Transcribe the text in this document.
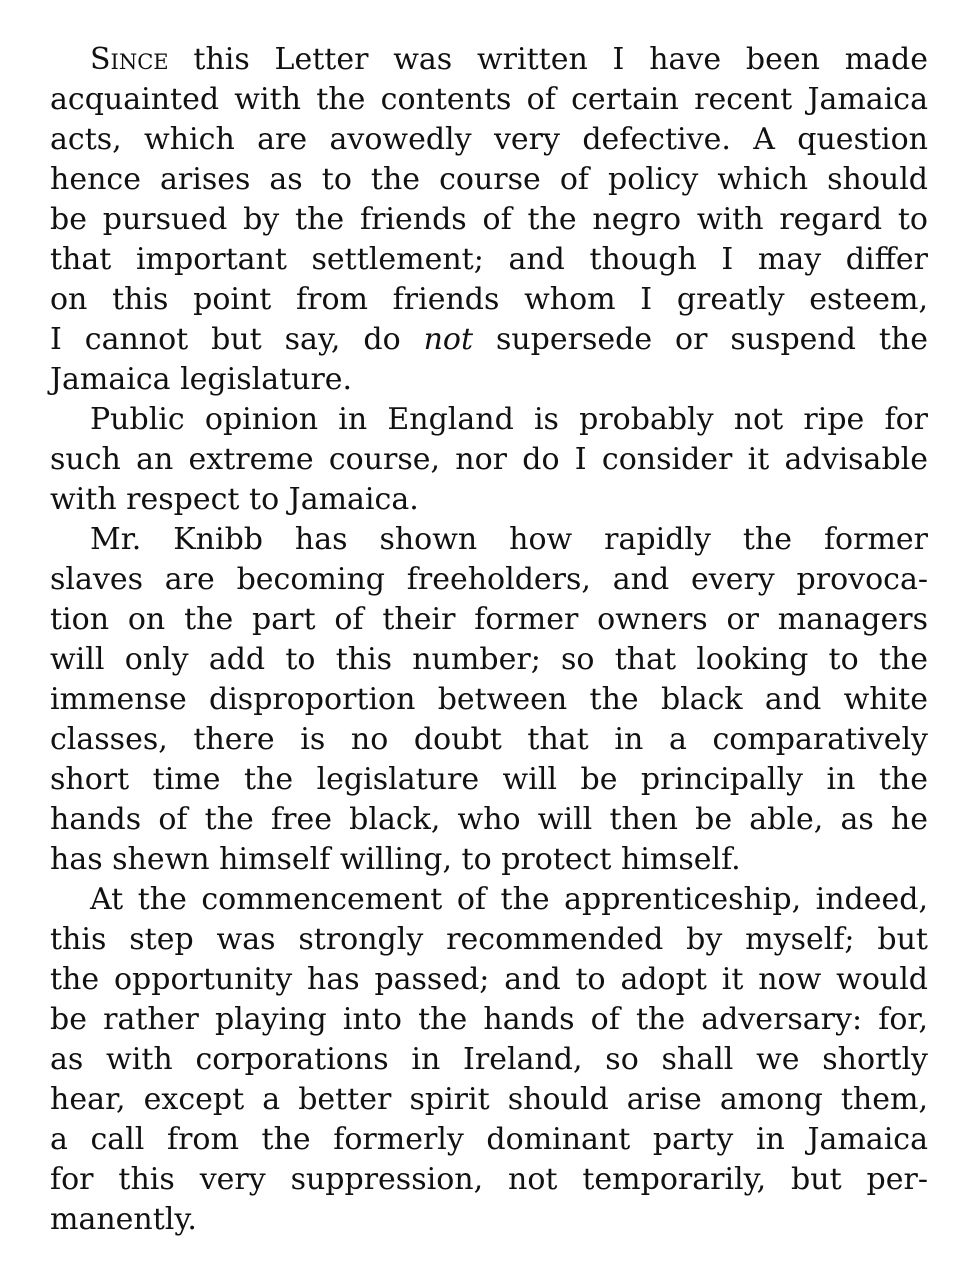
Since this Letter was written I have been made
acquainted with the contents of certain recent Jamaica
acts, which are avowedly very defective. A question
hence arises as to the course of policy which should
be pursued by the friends of the negro with regard to
that important settlement; and though I may differ
on this point from friends whom I greatly esteem,
I cannot but say, do not supersede or suspend the
Jamaica legislature.
Public opinion in England is probably not ripe for
such an extreme course, nor do I consider it advisable
with respect to Jamaica.
Mr. Knibb has shown how rapidly the former
slaves are becoming freeholders, and every provoca-
tion on the part of their former owners or managers
will only add to this number; so that looking to the
immense disproportion between the black and white
classes, there is no doubt that in a comparatively
short time the legislature will be principally in the
hands of the free black, who will then be able, as he
has shewn himself willing, to protect himself.
At the commencement of the apprenticeship, indeed,
this step was strongly recommended by myself; but
the opportunity has passed; and to adopt it now would
be rather playing into the hands of the adversary: for,
as with corporations in Ireland, so shall we shortly
hear, except a better spirit should arise among them,
a call from the formerly dominant party in Jamaica
for this very suppression, not temporarily, but per-
manently.
